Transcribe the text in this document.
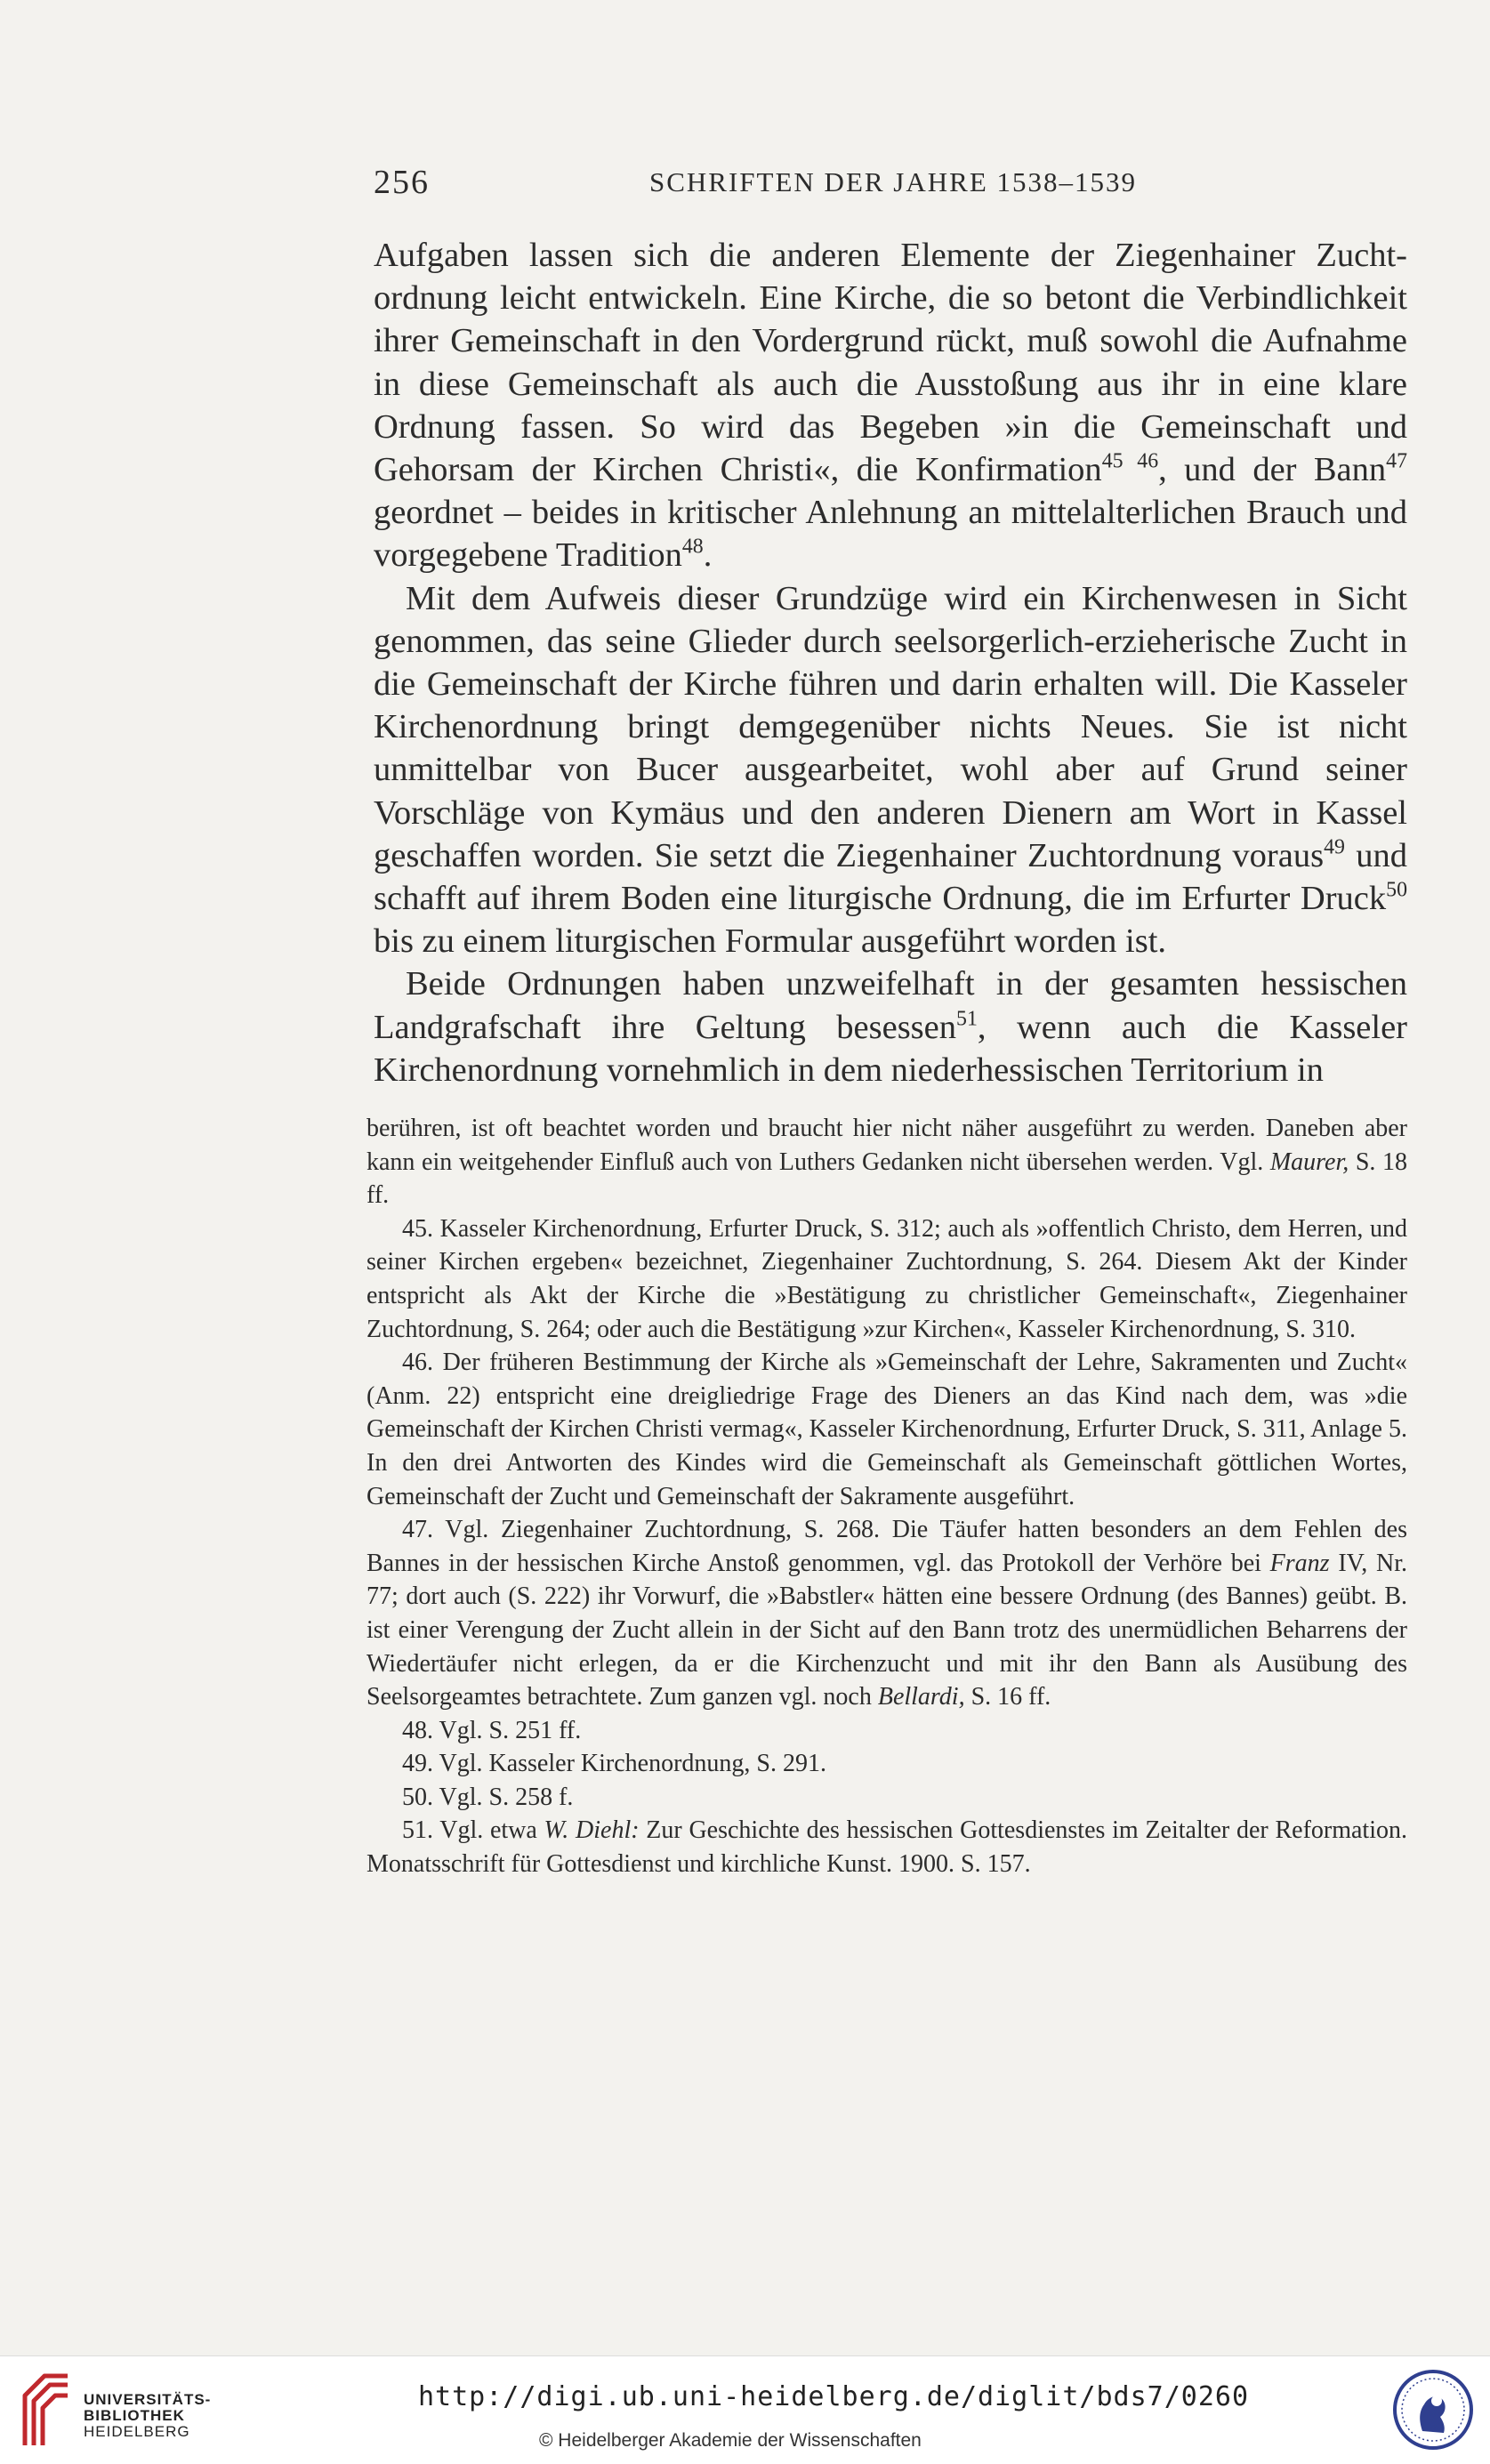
256	SCHRIFTEN DER JAHRE 1538–1539

Aufgaben lassen sich die anderen Elemente der Ziegenhainer Zuchtordnung leicht entwickeln. Eine Kirche, die so betont die Verbindlichkeit ihrer Gemeinschaft in den Vordergrund rückt, muß sowohl die Aufnahme in diese Gemeinschaft als auch die Ausstoßung aus ihr in eine klare Ordnung fassen. So wird das Begeben »in die Gemeinschaft und Gehorsam der Kirchen Christi«, die Konfirmation$^{45 46}$, und der Bann$^{47}$ geordnet – beides in kritischer Anlehnung an mittelalterlichen Brauch und vorgegebene Tradition$^{48}$.

Mit dem Aufweis dieser Grundzüge wird ein Kirchenwesen in Sicht genommen, das seine Glieder durch seelsorgerlich-erzieherische Zucht in die Gemeinschaft der Kirche führen und darin erhalten will. Die Kasseler Kirchenordnung bringt demgegenüber nichts Neues. Sie ist nicht unmittelbar von Bucer ausgearbeitet, wohl aber auf Grund seiner Vorschläge von Kymäus und den anderen Dienern am Wort in Kassel geschaffen worden. Sie setzt die Ziegenhainer Zuchtordnung voraus$^{49}$ und schafft auf ihrem Boden eine liturgische Ordnung, die im Erfurter Druck$^{50}$ bis zu einem liturgischen Formular ausgeführt worden ist.

Beide Ordnungen haben unzweifelhaft in der gesamten hessischen Landgrafschaft ihre Geltung besessen$^{51}$, wenn auch die Kasseler Kirchenordnung vornehmlich in dem niederhessischen Territorium in

berühren, ist oft beachtet worden und braucht hier nicht näher ausgeführt zu werden. Daneben aber kann ein weitgehender Einfluß auch von Luthers Gedanken nicht übersehen werden. Vgl. Maurer, S. 18 ff.

45. Kasseler Kirchenordnung, Erfurter Druck, S. 312; auch als »offentlich Christo, dem Herren, und seiner Kirchen ergeben« bezeichnet, Ziegenhainer Zuchtordnung, S. 264. Diesem Akt der Kinder entspricht als Akt der Kirche die »Bestätigung zu christlicher Gemeinschaft«, Ziegenhainer Zuchtordnung, S. 264; oder auch die Bestätigung »zur Kirchen«, Kasseler Kirchenordnung, S. 310.

46. Der früheren Bestimmung der Kirche als »Gemeinschaft der Lehre, Sakramenten und Zucht« (Anm. 22) entspricht eine dreigliedrige Frage des Dieners an das Kind nach dem, was »die Gemeinschaft der Kirchen Christi vermag«, Kasseler Kirchenordnung, Erfurter Druck, S. 311, Anlage 5. In den drei Antworten des Kindes wird die Gemeinschaft als Gemeinschaft göttlichen Wortes, Gemeinschaft der Zucht und Gemeinschaft der Sakramente ausgeführt.

47. Vgl. Ziegenhainer Zuchtordnung, S. 268. Die Täufer hatten besonders an dem Fehlen des Bannes in der hessischen Kirche Anstoß genommen, vgl. das Protokoll der Verhöre bei Franz IV, Nr. 77; dort auch (S. 222) ihr Vorwurf, die »Babstler« hätten eine bessere Ordnung (des Bannes) geübt. B. ist einer Verengung der Zucht allein in der Sicht auf den Bann trotz des unermüdlichen Beharrens der Wiedertäufer nicht erlegen, da er die Kirchenzucht und mit ihr den Bann als Ausübung des Seelsorgeamtes betrachtete. Zum ganzen vgl. noch Bellardi, S. 16 ff.

48. Vgl. S. 251 ff.

49. Vgl. Kasseler Kirchenordnung, S. 291.

50. Vgl. S. 258 f.

51. Vgl. etwa W. Diehl: Zur Geschichte des hessischen Gottesdienstes im Zeitalter der Reformation. Monatsschrift für Gottesdienst und kirchliche Kunst. 1900. S. 157.

UNIVERSITÄTS-
BIBLIOTHEK
HEIDELBERG
http://digi.ub.uni-heidelberg.de/diglit/bds7/0260
© Heidelberger Akademie der Wissenschaften
